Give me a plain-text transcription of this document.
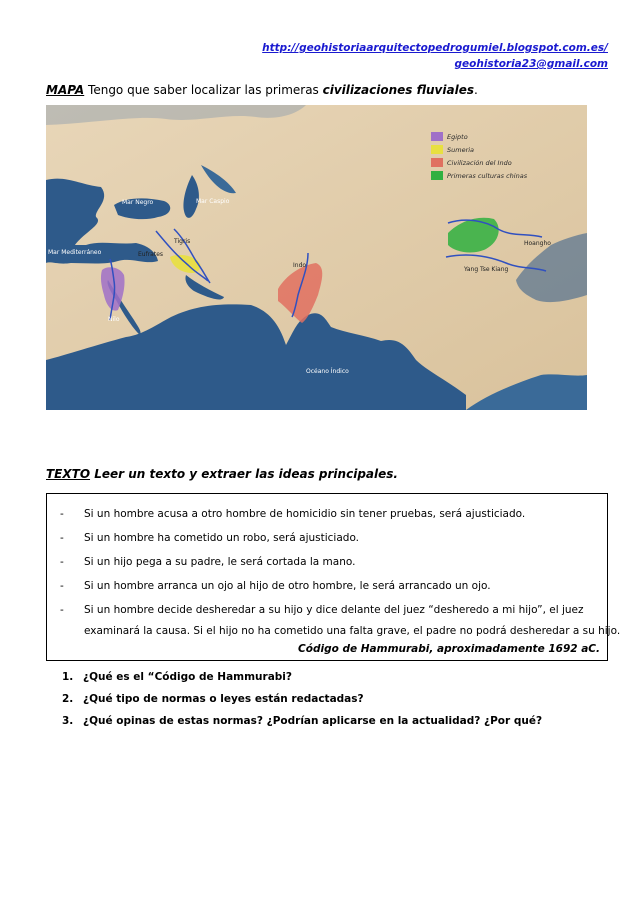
http://geohistoriaarquitectopedrogumiel.blogspot.com.es/
geohistoria23@gmail.com
MAPA Tengo que saber localizar las primeras civilizaciones fluviales.
Egipto
Sumeria
Civilización del Indo
Primeras culturas chinas
Mar Negro	Mar Caspio
Mar Mediterráneo
Tigris
Eufrates
Nilo
Indo
Océano Índico
Hoangho
Yang Tse Kiang
TEXTO Leer un texto y extraer las ideas principales.
- Si un hombre acusa a otro hombre de homicidio sin tener pruebas, será ajusticiado.
- Si un hombre ha cometido un robo, será ajusticiado.
- Si un hijo pega a su padre, le será cortada la mano.
- Si un hombre arranca un ojo al hijo de otro hombre, le será arrancado un ojo.
- Si un hombre decide desheredar a su hijo y dice delante del juez “desheredo a mi hijo”, el juez
examinará la causa. Si el hijo no ha cometido una falta grave, el padre no podrá desheredar a su hijo.
Código de Hammurabi, aproximadamente 1692 aC.
1. ¿Qué es el “Código de Hammurabi?
2. ¿Qué tipo de normas o leyes están redactadas?
3. ¿Qué opinas de estas normas? ¿Podrían aplicarse en la actualidad? ¿Por qué?
